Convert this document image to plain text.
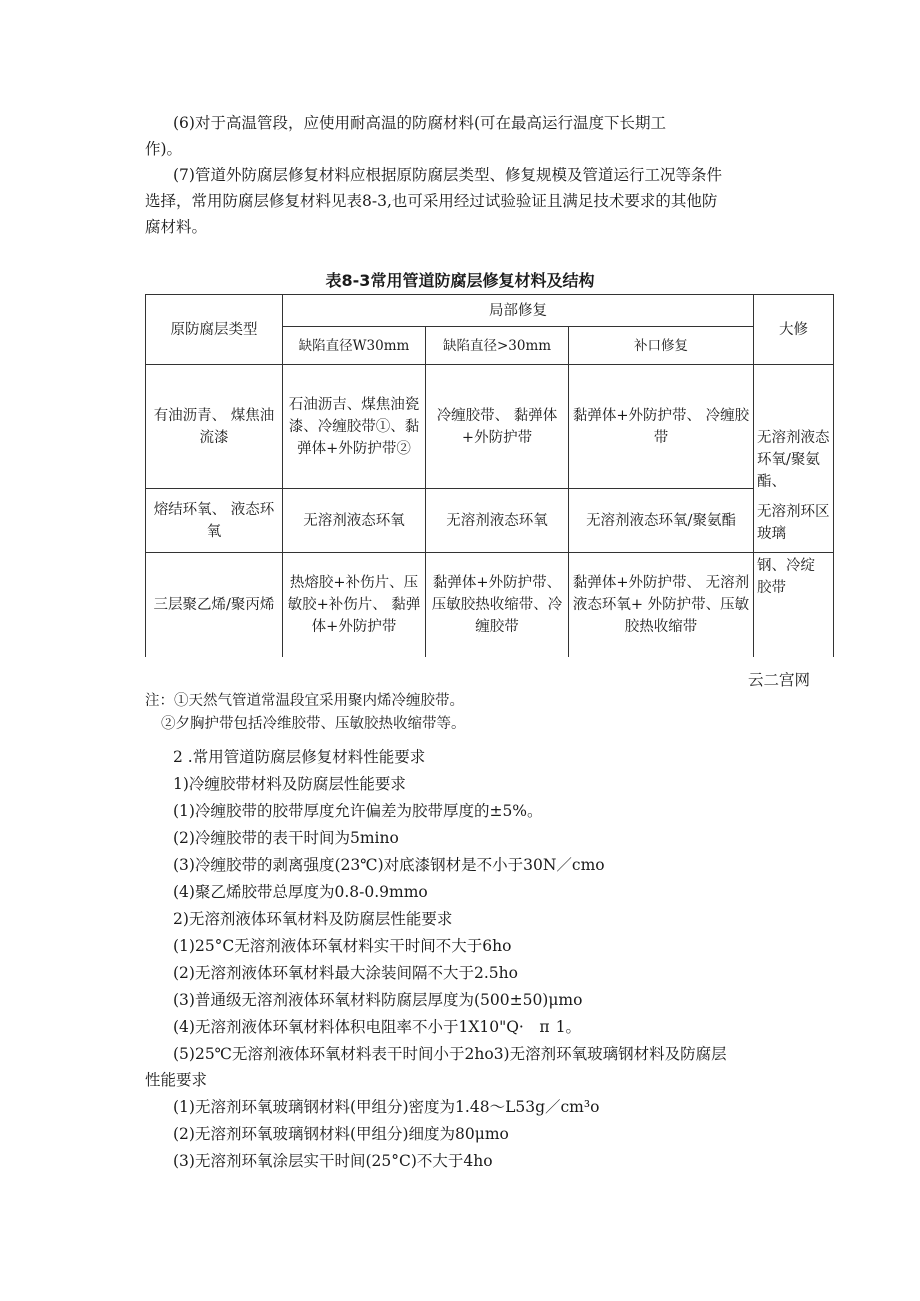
(6)对于高温管段，应使用耐高温的防腐材料(可在最高运行温度下长期工
作)。
(7)管道外防腐层修复材料应根据原防腐层类型、修复规模及管道运行工况等条件
选择，常用防腐层修复材料见表8-3,也可采用经过试验验证且满足技术要求的其他防
腐材料。
表8-3常用管道防腐层修复材料及结构
原防腐层类型	局部修复			大修
	缺陷直径W30mm	缺陷直径>30mm	补口修复	
有油沥青、 煤焦油流漆	石油沥吉、煤焦油瓷漆、冷缠胶带①、黏弹体+外防护带②	冷缠胶带、 黏弹体+外防护带	黏弹体+外防护带、 冷缠胶带	无溶剂液态环氧/聚氨酯、
无溶剂环区玻璃

熔结环氧、 液态环氧	无溶剂液态环氧	无溶剂液态环氧	无溶剂液态环氧/聚氨酯	
三层聚乙烯/聚丙烯	热熔胶+补伤片、压敏胶+补伤片、 黏弹体+外防护带	黏弹体+外防护带、压敏胶热收缩带、冷缠胶带	黏弹体+外防护带、 无溶剂液态环氧+ 外防护带、压敏胶热收缩带	钢、冷绽 胶带
云二宫网
注：①天然气管道常温段宜采用聚内烯冷缠胶带。
②夕胸护带包括冷维胶带、压敏胶热收缩带等。
2 .常用管道防腐层修复材料性能要求
1)冷缠胶带材料及防腐层性能要求
(1)冷缠胶带的胶带厚度允许偏差为胶带厚度的±5%。
(2)冷缠胶带的表干时间为5mino
(3)冷缠胶带的剥离强度(23℃)对底漆钢材是不小于30N／cmo
(4)聚乙烯胶带总厚度为0.8-0.9mmo
2)无溶剂液体环氧材料及防腐层性能要求
(1)25°C无溶剂液体环氧材料实干时间不大于6ho
(2)无溶剂液体环氧材料最大涂装间隔不大于2.5ho
(3)普通级无溶剂液体环氧材料防腐层厚度为(500±50)μmo
(4)无溶剂液体环氧材料体积电阻率不小于1X10"Q·     π  1。
(5)25℃无溶剂液体环氧材料表干时间小于2ho3)无溶剂环氧玻璃钢材料及防腐层
性能要求
(1)无溶剂环氧玻璃钢材料(甲组分)密度为1.48～L53g／cm³o
(2)无溶剂环氧玻璃钢材料(甲组分)细度为80μmo
(3)无溶剂环氧涂层实干时间(25°C)不大于4ho
